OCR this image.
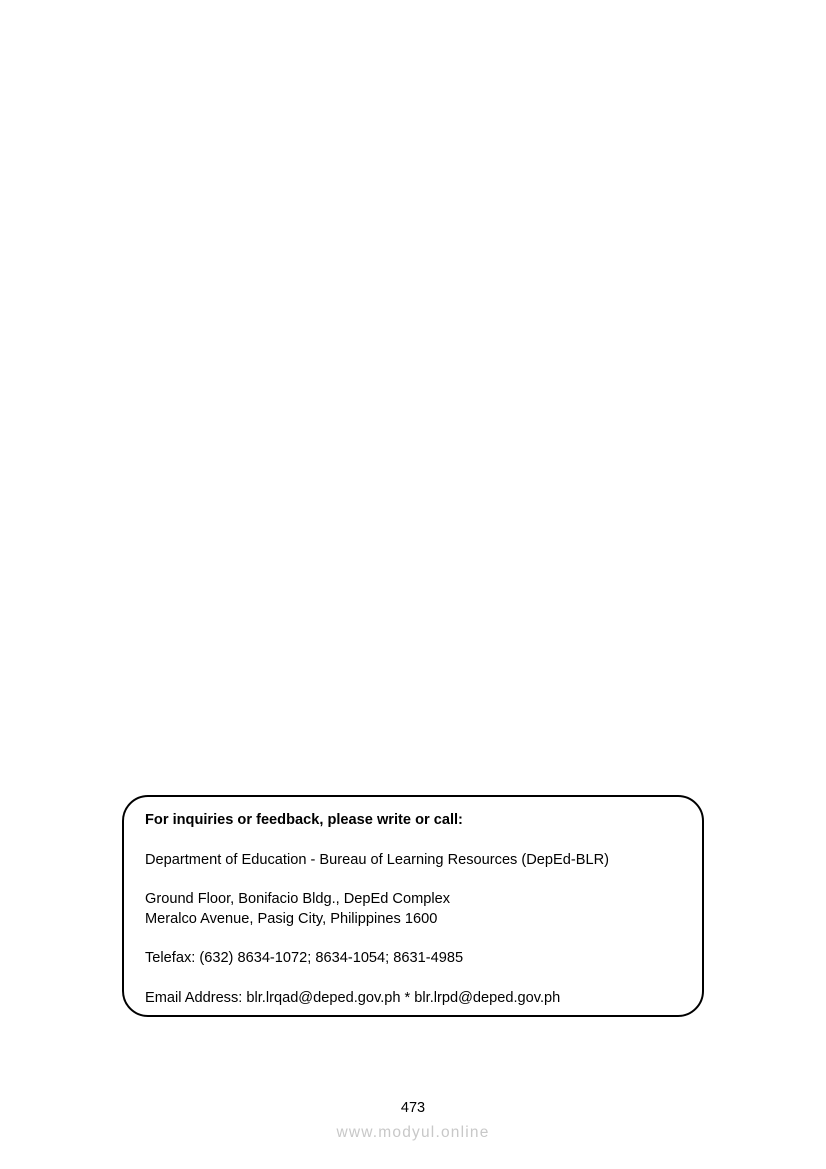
For inquiries or feedback, please write or call:
Department of Education - Bureau of Learning Resources (DepEd-BLR)
Ground Floor, Bonifacio Bldg., DepEd Complex
Meralco Avenue, Pasig City, Philippines 1600
Telefax: (632) 8634-1072; 8634-1054; 8631-4985
Email Address: blr.lrqad@deped.gov.ph * blr.lrpd@deped.gov.ph
473
www.modyul.online
